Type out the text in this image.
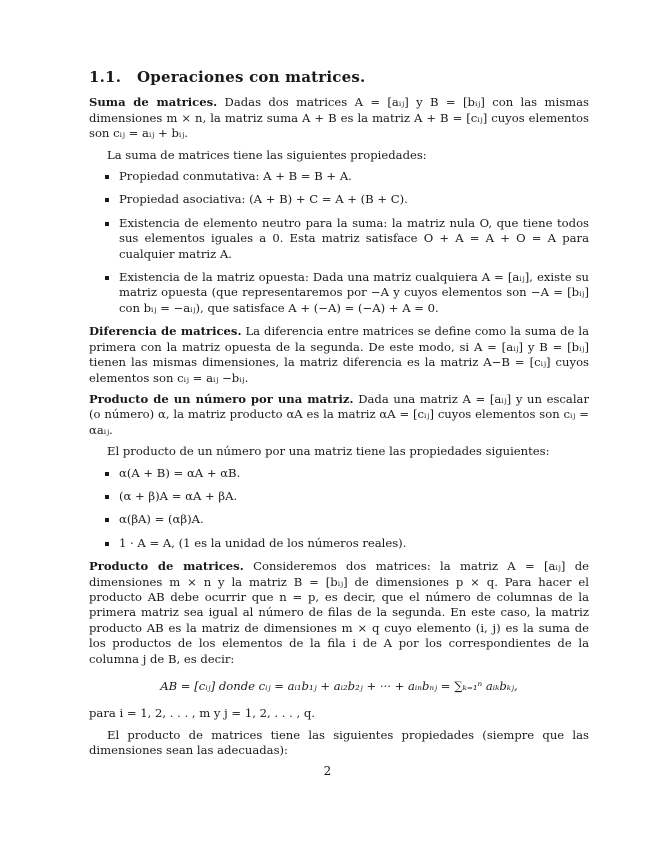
1.1. Operaciones con matrices.

Suma de matrices. Dadas dos matrices A = [aᵢⱼ] y B = [bᵢⱼ] con las mismas dimensiones m × n, la matriz suma A + B es la matriz A + B = [cᵢⱼ] cuyos elementos son cᵢⱼ = aᵢⱼ + bᵢⱼ.

La suma de matrices tiene las siguientes propiedades:

Propiedad conmutativa: A + B = B + A.
Propiedad asociativa: (A + B) + C = A + (B + C).
Existencia de elemento neutro para la suma: la matriz nula O, que tiene todos sus elementos iguales a 0. Esta matriz satisface O + A = A + O = A para cualquier matriz A.
Existencia de la matriz opuesta: Dada una matriz cualquiera A = [aᵢⱼ], existe su matriz opuesta (que representaremos por −A y cuyos elementos son −A = [bᵢⱼ] con bᵢⱼ = −aᵢⱼ), que satisface A + (−A) = (−A) + A = 0.

Diferencia de matrices. La diferencia entre matrices se define como la suma de la primera con la matriz opuesta de la segunda. De este modo, si A = [aᵢⱼ] y B = [bᵢⱼ] tienen las mismas dimensiones, la matriz diferencia es la matriz A−B = [cᵢⱼ] cuyos elementos son cᵢⱼ = aᵢⱼ −bᵢⱼ.

Producto de un número por una matriz. Dada una matriz A = [aᵢⱼ] y un escalar (o número) α, la matriz producto αA es la matriz αA = [cᵢⱼ] cuyos elementos son cᵢⱼ = αaᵢⱼ.

El producto de un número por una matriz tiene las propiedades siguientes:

α(A + B) = αA + αB.
(α + β)A = αA + βA.
α(βA) = (αβ)A.
1 · A = A, (1 es la unidad de los números reales).

Producto de matrices. Consideremos dos matrices: la matriz A = [aᵢⱼ] de dimensiones m × n y la matriz B = [bᵢⱼ] de dimensiones p × q. Para hacer el producto AB debe ocurrir que n = p, es decir, que el número de columnas de la primera matriz sea igual al número de filas de la segunda. En este caso, la matriz producto AB es la matriz de dimensiones m × q cuyo elemento (i, j) es la suma de los productos de los elementos de la fila i de A por los correspondientes de la columna j de B, es decir:

AB = [cᵢⱼ] donde cᵢⱼ = aᵢ₁b₁ⱼ + aᵢ₂b₂ⱼ + ··· + aᵢₙbₙⱼ = ∑ₖ₌₁ⁿ aᵢₖbₖⱼ,

para i = 1, 2, . . . , m y j = 1, 2, . . . , q.

El producto de matrices tiene las siguientes propiedades (siempre que las dimensiones sean las adecuadas):

2
